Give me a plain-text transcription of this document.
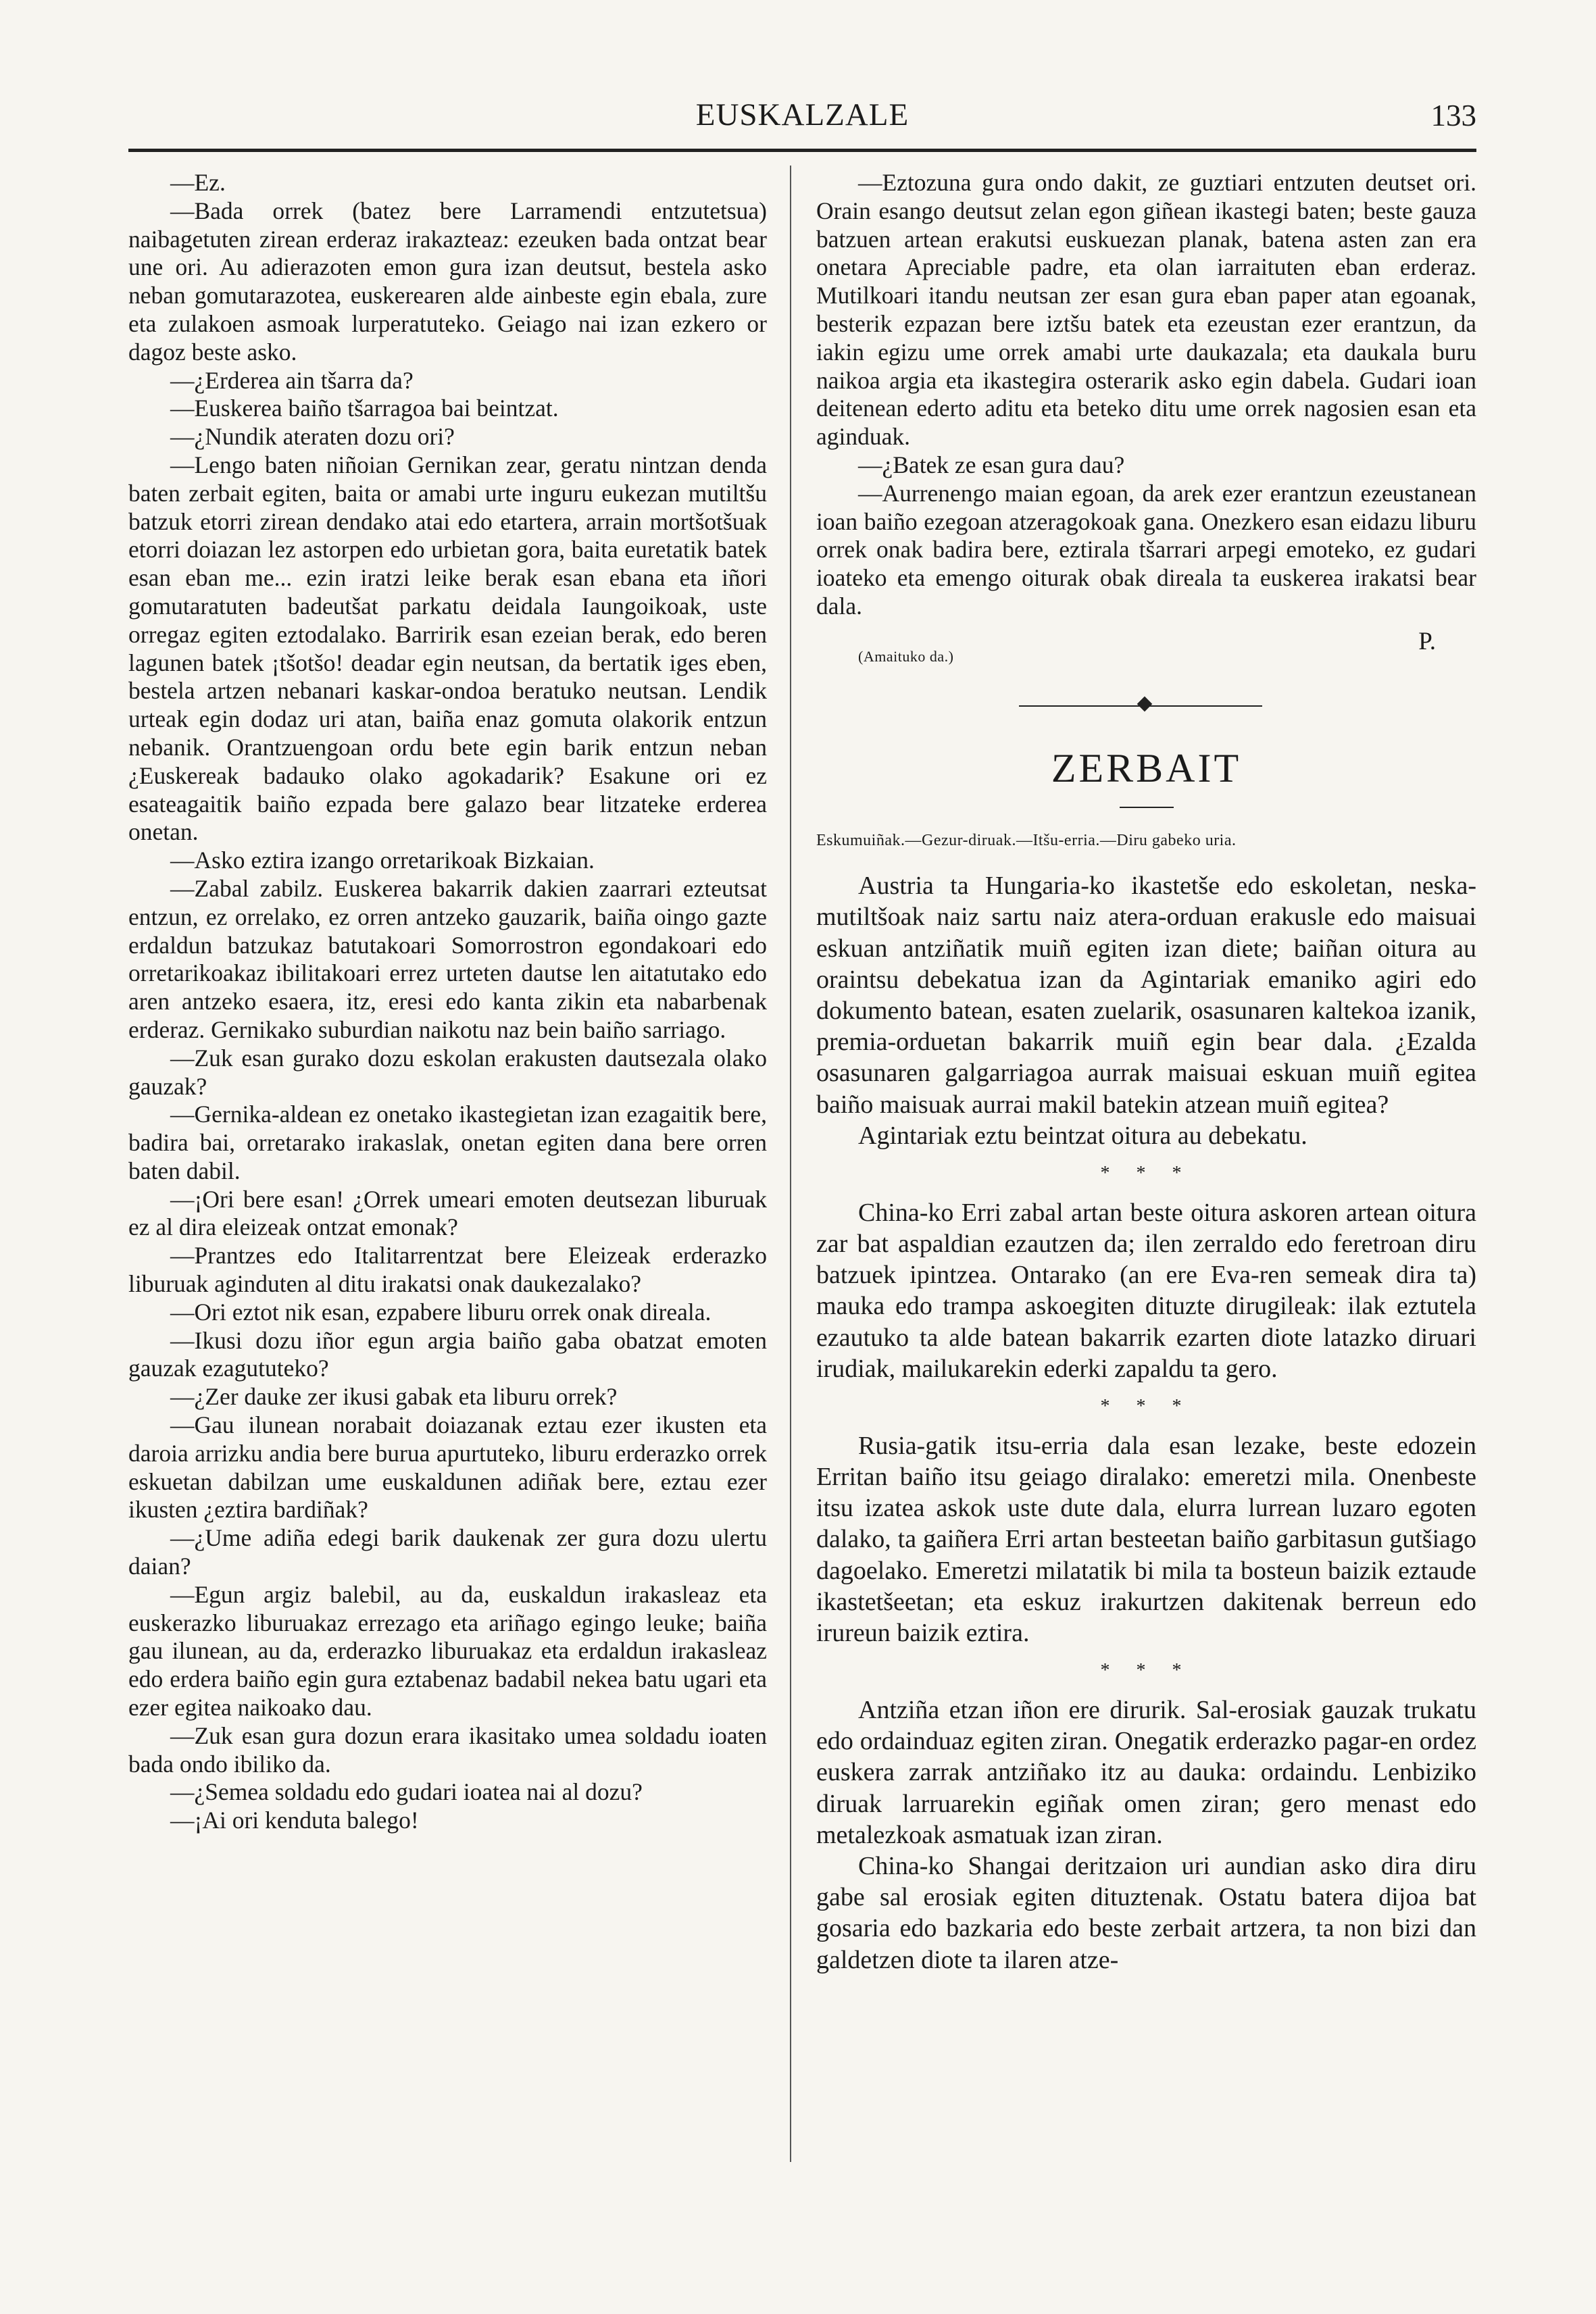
EUSKALZALE	133

—Ez.

—Bada orrek (batez bere Larramendi entzutetsua) naibagetuten zirean erderaz irakazteaz: ezeuken bada ontzat bear une ori. Au adierazoten emon gura izan deutsut, bestela asko neban gomutarazotea, euskerearen alde ainbeste egin ebala, zure eta zulakoen asmoak lurperatuteko. Geiago nai izan ezkero or dagoz beste asko.

—¿Erderea ain tšarra da?

—Euskerea baiño tšarragoa bai beintzat.

—¿Nundik ateraten dozu ori?

—Lengo baten niñoian Gernikan zear, geratu nintzan denda baten zerbait egiten, baita or amabi urte inguru eukezan mutiltšu batzuk etorri zirean dendako atai edo etartera, arrain mortšotšuak etorri doiazan lez astorpen edo urbietan gora, baita euretatik batek esan eban me... ezin iratzi leike berak esan ebana eta iñori gomutaratuten badeutšat parkatu deidala Iaungoikoak, uste orregaz egiten eztodalako. Barririk esan ezeian berak, edo beren lagunen batek ¡tšotšo! deadar egin neutsan, da bertatik iges eben, bestela artzen nebanari kaskar-ondoa beratuko neutsan. Lendik urteak egin dodaz uri atan, baiña enaz gomuta olakorik entzun nebanik. Orantzuengoan ordu bete egin barik entzun neban ¿Euskereak badauko olako agokadarik? Esakune ori ez esateagaitik baiño ezpada bere galazo bear litzateke erderea onetan.

—Asko eztira izango orretarikoak Bizkaian.

—Zabal zabilz. Euskerea bakarrik dakien zaarrari ezteutsat entzun, ez orrelako, ez orren antzeko gauzarik, baiña oingo gazte erdaldun batzukaz batutakoari Somorrostron egondakoari edo orretarikoakaz ibilitakoari errez urteten dautse len aitatutako edo aren antzeko esaera, itz, eresi edo kanta zikin eta nabarbenak erderaz. Gernikako suburdian naikotu naz bein baiño sarriago.

—Zuk esan gurako dozu eskolan erakusten dautsezala olako gauzak?

—Gernika-aldean ez onetako ikastegietan izan ezagaitik bere, badira bai, orretarako irakaslak, onetan egiten dana bere orren baten dabil.

—¡Ori bere esan! ¿Orrek umeari emoten deutsezan liburuak ez al dira eleizeak ontzat emonak?

—Prantzes edo Italitarrentzat bere Eleizeak erderazko liburuak aginduten al ditu irakatsi onak daukezalako?

—Ori eztot nik esan, ezpabere liburu orrek onak direala.

—Ikusi dozu iñor egun argia baiño gaba obatzat emoten gauzak ezagututeko?

—¿Zer dauke zer ikusi gabak eta liburu orrek?

—Gau ilunean norabait doiazanak eztau ezer ikusten eta daroia arrizku andia bere burua apurtuteko, liburu erderazko orrek eskuetan dabilzan ume euskaldunen adiñak bere, eztau ezer ikusten ¿eztira bardiñak?

—¿Ume adiña edegi barik daukenak zer gura dozu ulertu daian?

—Egun argiz balebil, au da, euskaldun irakasleaz eta euskerazko liburuakaz errezago eta ariñago egingo leuke; baiña gau ilunean, au da, erderazko liburuakaz eta erdaldun irakasleaz edo erdera baiño egin gura eztabenaz badabil nekea batu ugari eta ezer egitea naikoako dau.

—Zuk esan gura dozun erara ikasitako umea soldadu ioaten bada ondo ibiliko da.

—¿Semea soldadu edo gudari ioatea nai al dozu?

—¡Ai ori kenduta balego!

—Eztozuna gura ondo dakit, ze guztiari entzuten deutset ori. Orain esango deutsut zelan egon giñean ikastegi baten; beste gauza batzuen artean erakutsi euskuezan planak, batena asten zan era onetara Apreciable padre, eta olan iarraituten eban erderaz. Mutilkoari itandu neutsan zer esan gura eban paper atan egoanak, besterik ezpazan bere iztšu batek eta ezeustan ezer erantzun, da iakin egizu ume orrek amabi urte daukazala; eta daukala buru naikoa argia eta ikastegira osterarik asko egin dabela. Gudari ioan deitenean ederto aditu eta beteko ditu ume orrek nagosien esan eta aginduak.

—¿Batek ze esan gura dau?

—Aurrenengo maian egoan, da arek ezer erantzun ezeustanean ioan baiño ezegoan atzeragokoak gana. Onezkero esan eidazu liburu orrek onak badira bere, eztirala tšarrari arpegi emoteko, ez gudari ioateko eta emengo oiturak obak direala ta euskerea irakatsi bear dala.

P.
(Amaituko da.)
ZERBAIT
Eskumuiñak.—Gezur-diruak.—Itšu-erria.—Diru gabeko uria.

Austria ta Hungaria-ko ikastetše edo eskoletan, neska-mutiltšoak naiz sartu naiz atera-orduan erakusle edo maisuai eskuan antziñatik muiñ egiten izan diete; baiñan oitura au oraintsu debekatua izan da Agintariak emaniko agiri edo dokumento batean, esaten zuelarik, osasunaren kaltekoa izanik, premia-orduetan bakarrik muiñ egin bear dala. ¿Ezalda osasunaren galgarriagoa aurrak maisuai eskuan muiñ egitea baiño maisuak aurrai makil batekin atzean muiñ egitea?

Agintariak eztu beintzat oitura au debekatu.

* * *

China-ko Erri zabal artan beste oitura askoren artean oitura zar bat aspaldian ezautzen da; ilen zerraldo edo feretroan diru batzuek ipintzea. Ontarako (an ere Eva-ren semeak dira ta) mauka edo trampa askoegiten dituzte dirugileak: ilak eztutela ezautuko ta alde batean bakarrik ezarten diote latazko diruari irudiak, mailukarekin ederki zapaldu ta gero.

* * *

Rusia-gatik itsu-erria dala esan lezake, beste edozein Erritan baiño itsu geiago diralako: emeretzi mila. Onenbeste itsu izatea askok uste dute dala, elurra lurrean luzaro egoten dalako, ta gaiñera Erri artan besteetan baiño garbitasun gutšiago dagoelako. Emeretzi milatatik bi mila ta bosteun baizik eztaude ikastetšeetan; eta eskuz irakurtzen dakitenak berreun edo irureun baizik eztira.

* * *

Antziña etzan iñon ere dirurik. Sal-erosiak gauzak trukatu edo ordainduaz egiten ziran. Onegatik erderazko pagar-en ordez euskera zarrak antziñako itz au dauka: ordaindu. Lenbiziko diruak larruarekin egiñak omen ziran; gero menast edo metalezkoak asmatuak izan ziran.

China-ko Shangai deritzaion uri aundian asko dira diru gabe sal erosiak egiten dituztenak. Ostatu batera dijoa bat gosaria edo bazkaria edo beste zerbait artzera, ta non bizi dan galdetzen diote ta ilaren atze-
